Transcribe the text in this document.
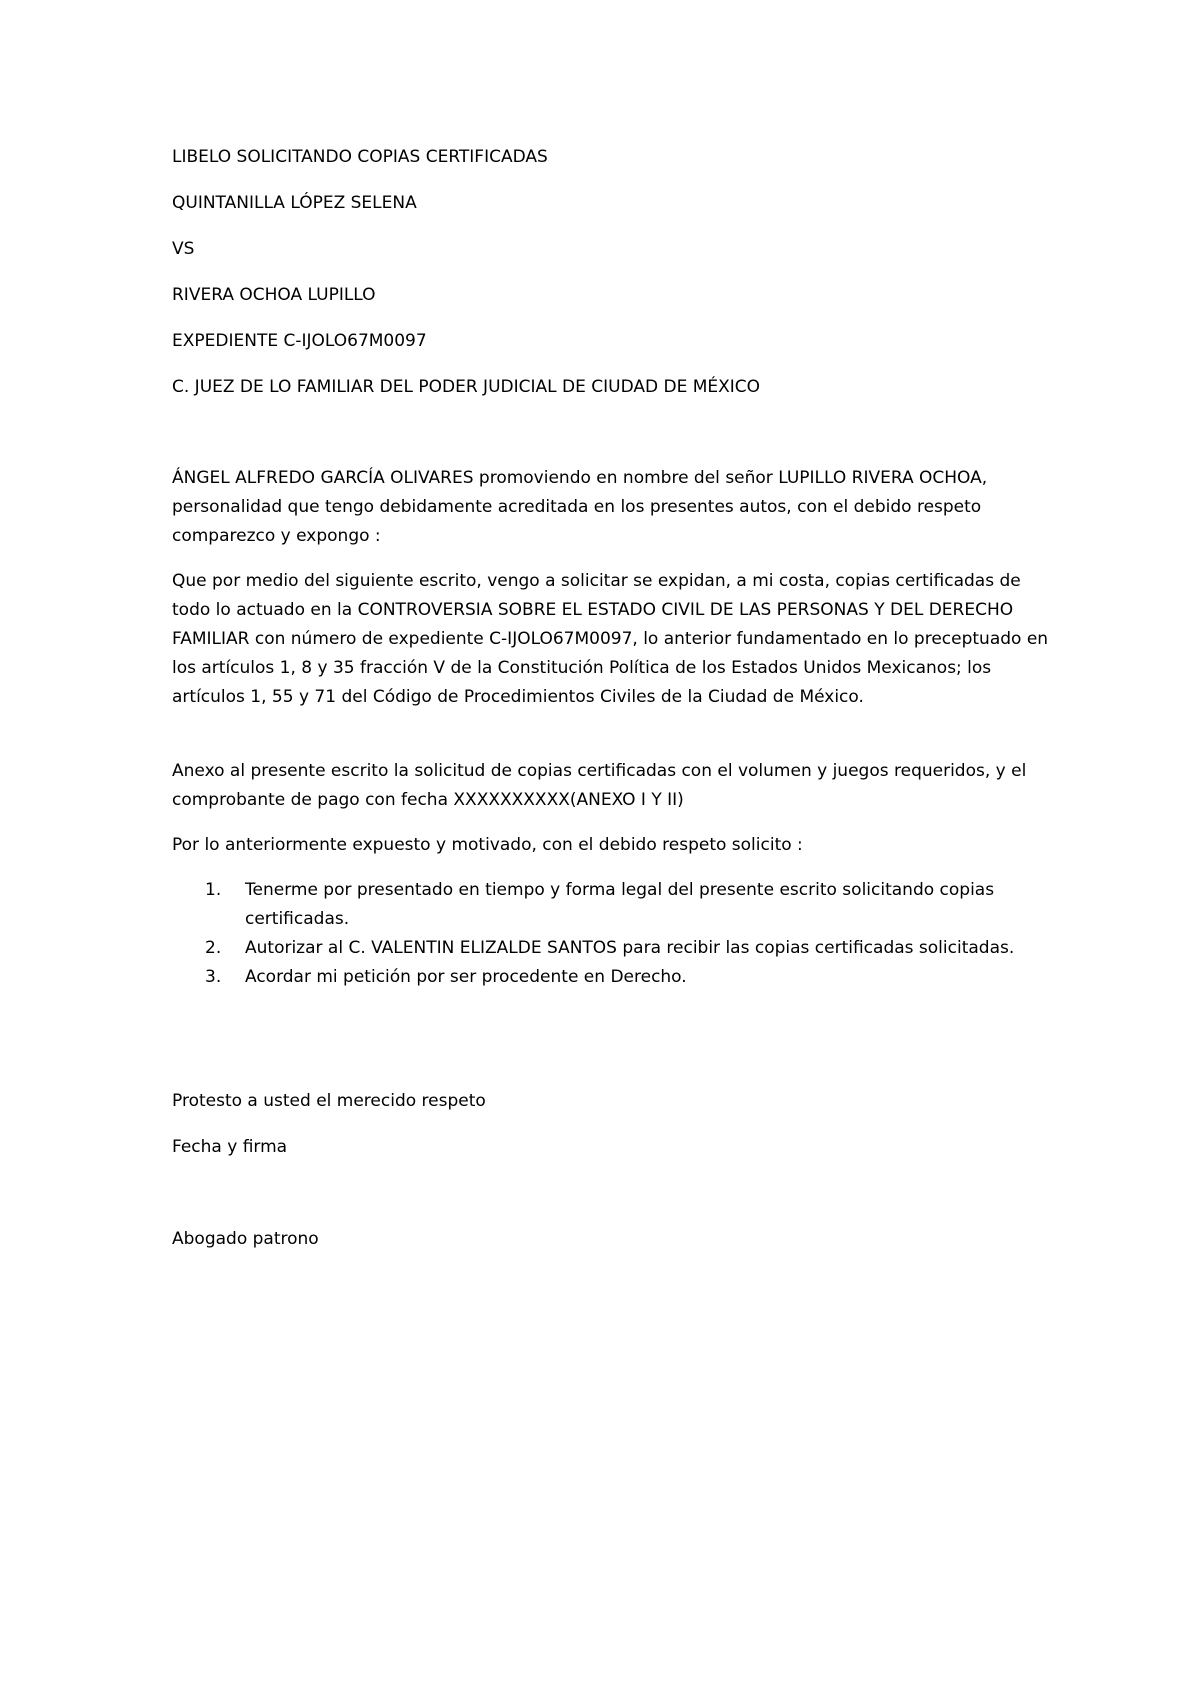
LIBELO SOLICITANDO COPIAS CERTIFICADAS
QUINTANILLA LÓPEZ SELENA
VS
RIVERA OCHOA LUPILLO
EXPEDIENTE C-IJOLO67M0097
C. JUEZ DE LO FAMILIAR DEL PODER JUDICIAL DE CIUDAD DE MÉXICO
ÁNGEL ALFREDO GARCÍA OLIVARES promoviendo en nombre del señor LUPILLO RIVERA OCHOA, personalidad que tengo debidamente acreditada en los presentes autos, con el debido respeto comparezco y expongo :
Que por medio del siguiente escrito, vengo a solicitar se expidan, a mi costa, copias certificadas de todo lo actuado en la CONTROVERSIA SOBRE EL ESTADO CIVIL DE LAS PERSONAS Y DEL DERECHO FAMILIAR con número de expediente C-IJOLO67M0097, lo anterior fundamentado en lo preceptuado en los artículos 1, 8 y 35 fracción V de la Constitución Política de los Estados Unidos Mexicanos; los artículos 1, 55 y 71 del Código de Procedimientos Civiles de la Ciudad de México.
Anexo al presente escrito la solicitud de copias certificadas con el volumen y juegos requeridos, y el comprobante de pago con fecha XXXXXXXXXX(ANEXO I Y II)
Por lo anteriormente expuesto y motivado, con el debido respeto solicito :
1. Tenerme por presentado en tiempo y forma legal del presente escrito solicitando copias certificadas.
2. Autorizar al C. VALENTIN ELIZALDE SANTOS para recibir las copias certificadas solicitadas.
3. Acordar mi petición por ser procedente en Derecho.
Protesto a usted el merecido respeto
Fecha y firma
Abogado patrono
